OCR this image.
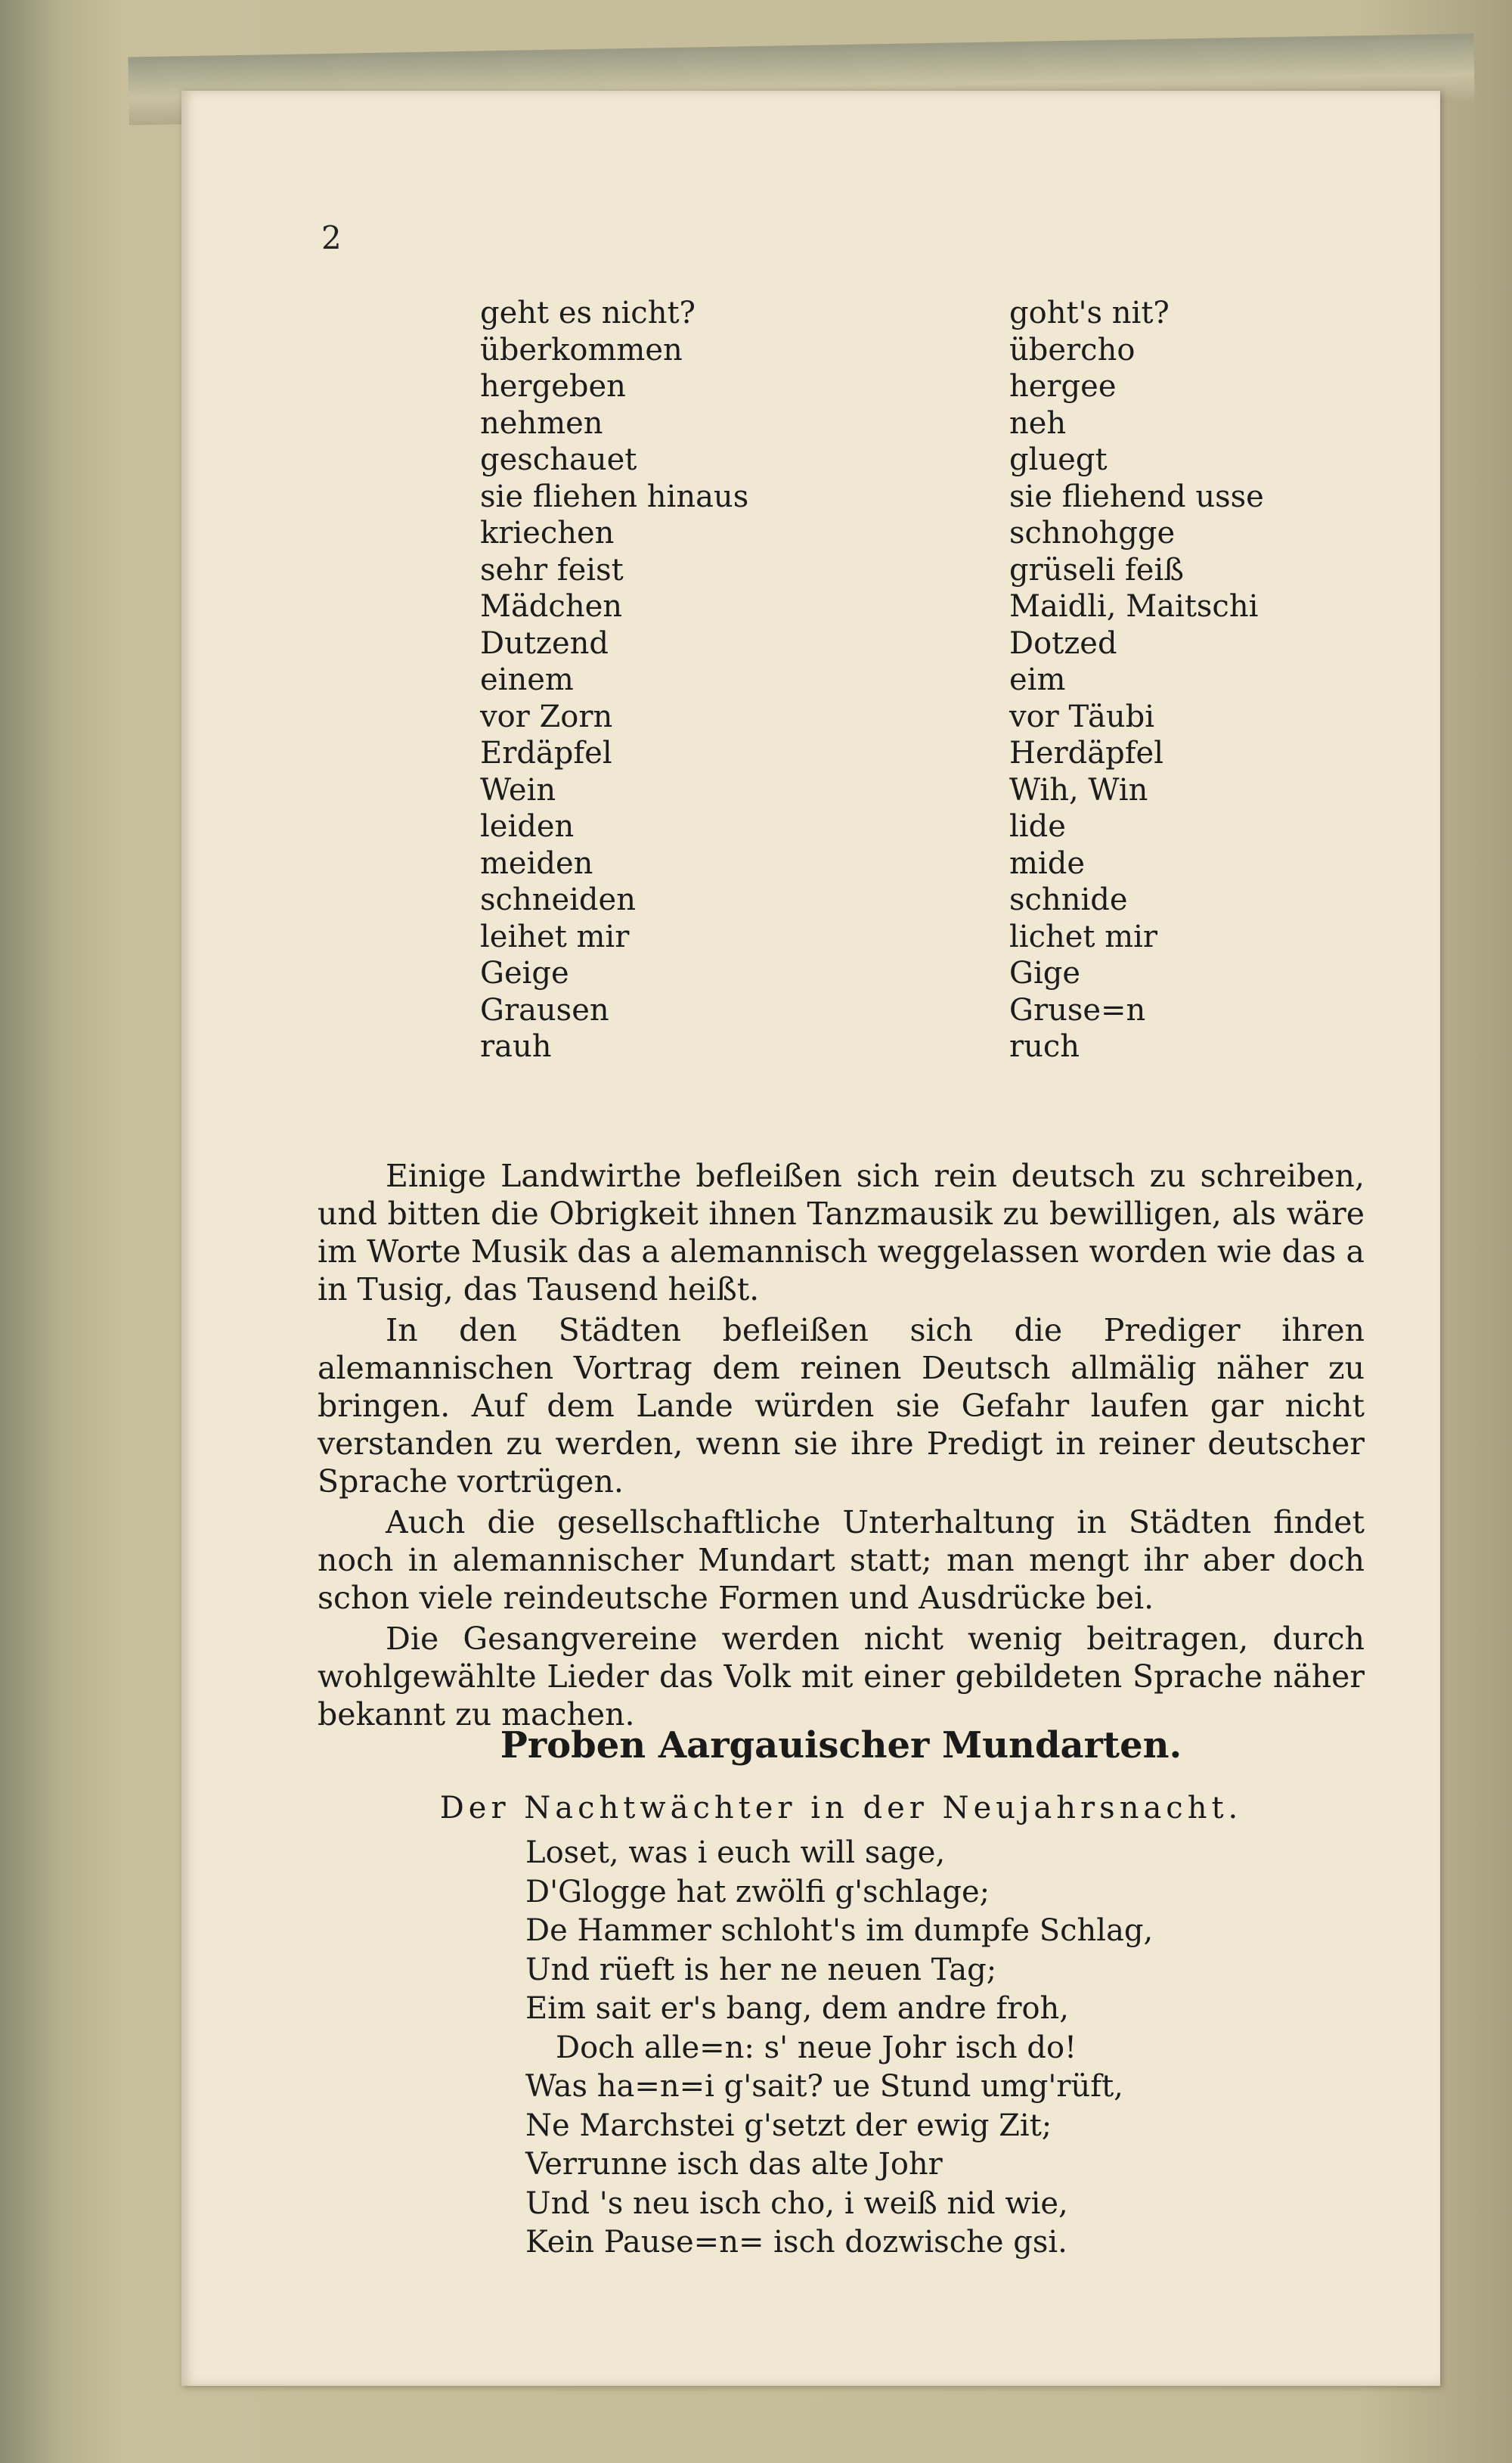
2
geht es nicht?	goht's nit?
überkommen	übercho
hergeben	hergee
nehmen	neh
geschauet	gluegt
sie fliehen hinaus	sie fliehend usse
kriechen	schnohgge
sehr feist	grüseli feiß
Mädchen	Maidli, Maitschi
Dutzend	Dotzed
einem	eim
vor Zorn	vor Täubi
Erdäpfel	Herdäpfel
Wein	Wih, Win
leiden	lide
meiden	mide
schneiden	schnide
leihet mir	lichet mir
Geige	Gige
Grausen	Gruse=n
rauh	ruch

Einige Landwirthe befleißen sich rein deutsch zu schreiben, und bitten die Obrigkeit ihnen Tanzmausik zu bewilligen, als wäre im Worte Musik das a alemannisch weggelassen worden wie das a in Tusig, das Tausend heißt.

In den Städten befleißen sich die Prediger ihren alemannischen Vortrag dem reinen Deutsch allmälig näher zu bringen. Auf dem Lande würden sie Gefahr laufen gar nicht verstanden zu werden, wenn sie ihre Predigt in reiner deutscher Sprache vortrügen.

Auch die gesellschaftliche Unterhaltung in Städten findet noch in alemannischer Mundart statt; man mengt ihr aber doch schon viele reindeutsche Formen und Ausdrücke bei.

Die Gesangvereine werden nicht wenig beitragen, durch wohlgewählte Lieder das Volk mit einer gebildeten Sprache näher bekannt zu machen.

Proben Aargauischer Mundarten.
Der Nachtwächter in der Neujahrsnacht.
Loset, was i euch will sage,
D'Glogge hat zwölfi g'schlage;
De Hammer schloht's im dumpfe Schlag,
Und rüeft is her ne neuen Tag;
Eim sait er's bang, dem andre froh,
Doch alle=n: s' neue Johr isch do!
Was ha=n=i g'sait? ue Stund umg'rüft,
Ne Marchstei g'setzt der ewig Zit;
Verrunne isch das alte Johr
Und 's neu isch cho, i weiß nid wie,
Kein Pause=n= isch dozwische gsi.
